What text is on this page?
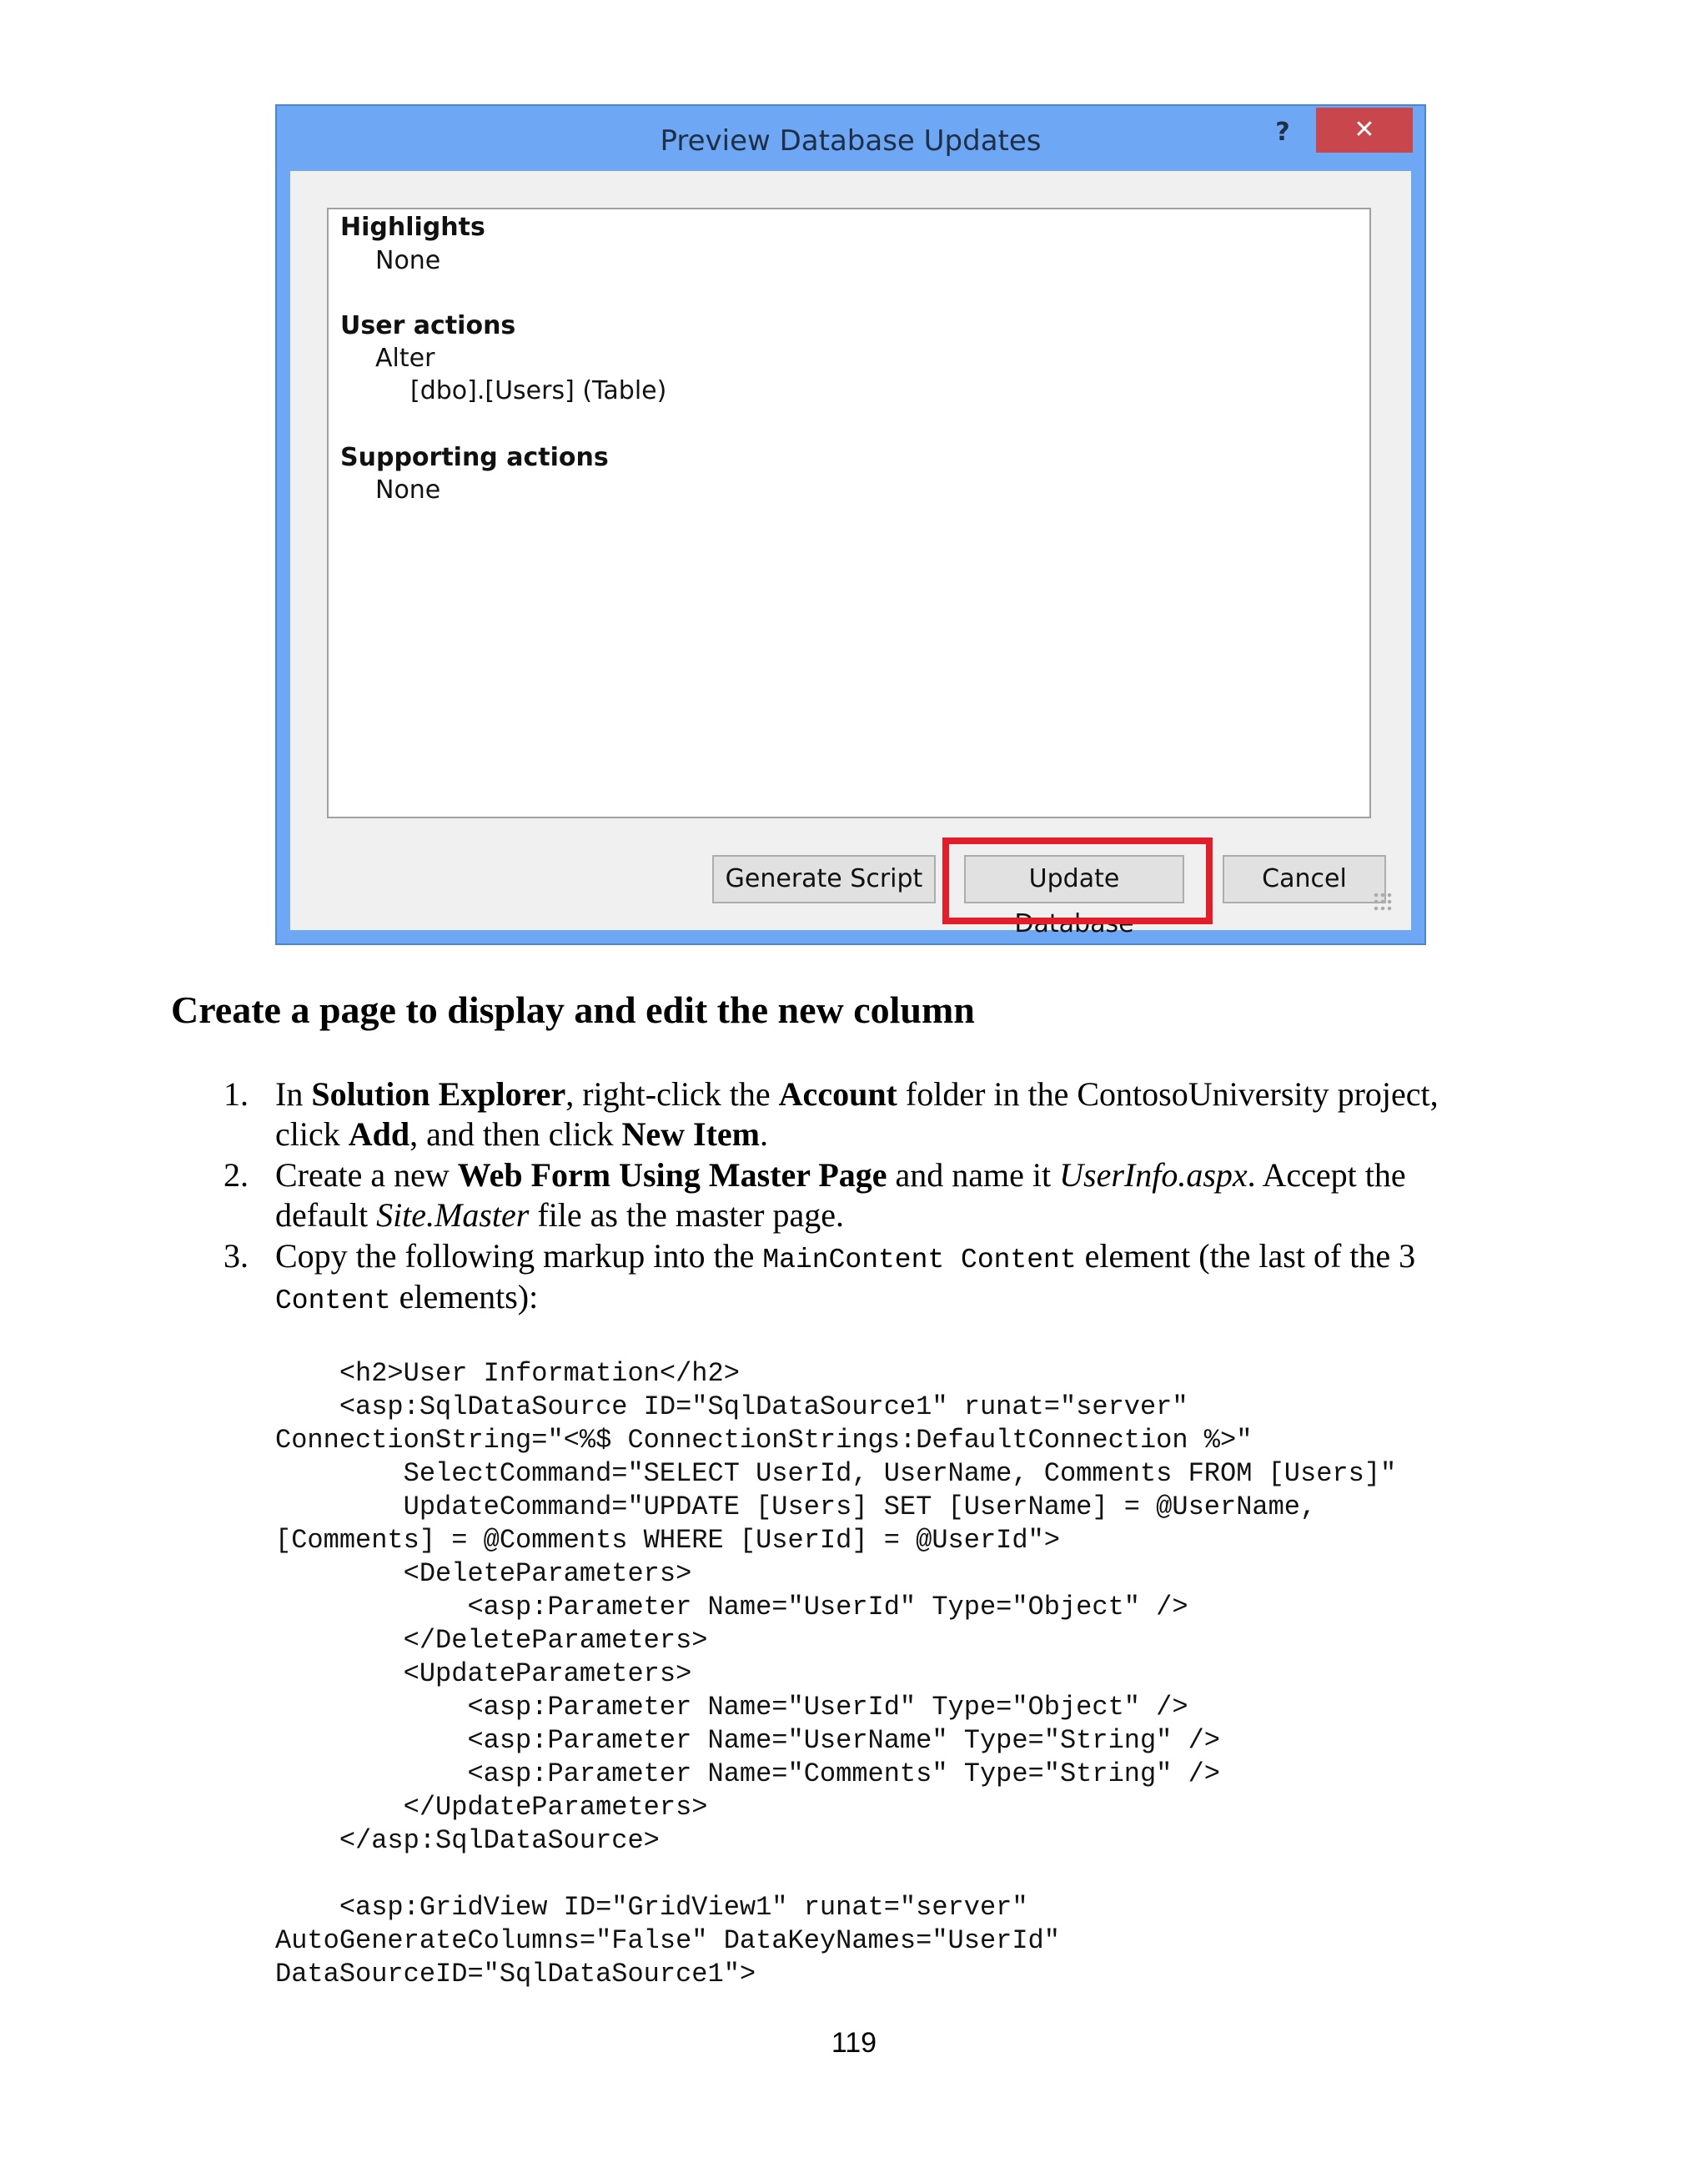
Preview Database Updates	?	✕
Highlights
None
User actions
Alter
[dbo].[Users] (Table)
Supporting actions
None
Generate Script	Update Database
Cancel
Create a page to display and edit the new column
1. In Solution Explorer, right-click the Account folder in the ContosoUniversity project,
click Add, and then click New Item.
2. Create a new Web Form Using Master Page and name it UserInfo.aspx. Accept the
default Site.Master file as the master page.
3. Copy the following markup into the MainContent Content element (the last of the 3
Content elements):
<h2>User Information</h2>
<asp:SqlDataSource ID="SqlDataSource1" runat="server"
ConnectionString="<%$ ConnectionStrings:DefaultConnection %>"
SelectCommand="SELECT UserId, UserName, Comments FROM [Users]"
UpdateCommand="UPDATE [Users] SET [UserName] = @UserName,
[Comments] = @Comments WHERE [UserId] = @UserId">
<DeleteParameters>
<asp:Parameter Name="UserId" Type="Object" />
</DeleteParameters>
<UpdateParameters>
<asp:Parameter Name="UserId" Type="Object" />
<asp:Parameter Name="UserName" Type="String" />
<asp:Parameter Name="Comments" Type="String" />
</UpdateParameters>
</asp:SqlDataSource>
<asp:GridView ID="GridView1" runat="server"
AutoGenerateColumns="False" DataKeyNames="UserId"
DataSourceID="SqlDataSource1">
119
